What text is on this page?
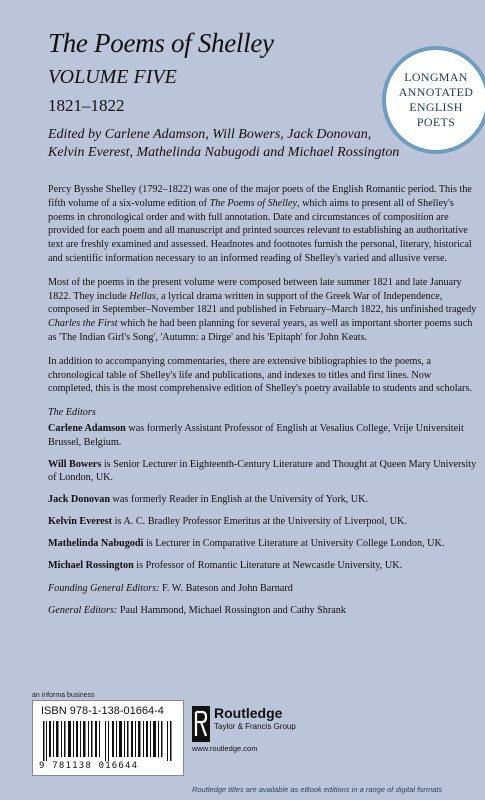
The Poems of Shelley
VOLUME FIVE
1821–1822
Edited by Carlene Adamson, Will Bowers, Jack Donovan,
Kelvin Everest, Mathelinda Nabugodi and Michael Rossington
LONGMAN
ANNOTATED
ENGLISH
POETS

Percy Bysshe Shelley (1792–1822) was one of the major poets of the English Romantic period. This the fifth volume of a six-volume edition of The Poems of Shelley, which aims to present all of Shelley's poems in chronological order and with full annotation. Date and circumstances of composition are provided for each poem and all manuscript and printed sources relevant to establishing an authoritative text are freshly examined and assessed. Headnotes and footnotes furnish the personal, literary, historical and scientific information necessary to an informed reading of Shelley's varied and allusive verse.

Most of the poems in the present volume were composed between late summer 1821 and late January 1822. They include Hellas, a lyrical drama written in support of the Greek War of Independence, composed in September–November 1821 and published in February–March 1822, his unfinished tragedy Charles the First which he had been planning for several years, as well as important shorter poems such as 'The Indian Girl's Song', 'Autumn: a Dirge' and his 'Epitaph' for John Keats.

In addition to accompanying commentaries, there are extensive bibliographies to the poems, a chronological table of Shelley's life and publications, and indexes to titles and first lines. Now completed, this is the most comprehensive edition of Shelley's poetry available to students and scholars.

The Editors
Carlene Adamson was formerly Assistant Professor of English at Vesalius College, Vrije Universiteit Brussel, Belgium.
Will Bowers is Senior Lecturer in Eighteenth-Century Literature and Thought at Queen Mary University of London, UK.
Jack Donovan was formerly Reader in English at the University of York, UK.
Kelvin Everest is A. C. Bradley Professor Emeritus at the University of Liverpool, UK.
Mathelinda Nabugodi is Lecturer in Comparative Literature at University College London, UK.
Michael Rossington is Professor of Romantic Literature at Newcastle University, UK.
Founding General Editors: F. W. Bateson and John Barnard
General Editors: Paul Hammond, Michael Rossington and Cathy Shrank
an informa business
ISBN 978-1-138-01664-4
9 781138 016644
Routledge
Taylor & Francis Group
www.routledge.com
Routledge titles are available as eBook editions in a range of digital formats
